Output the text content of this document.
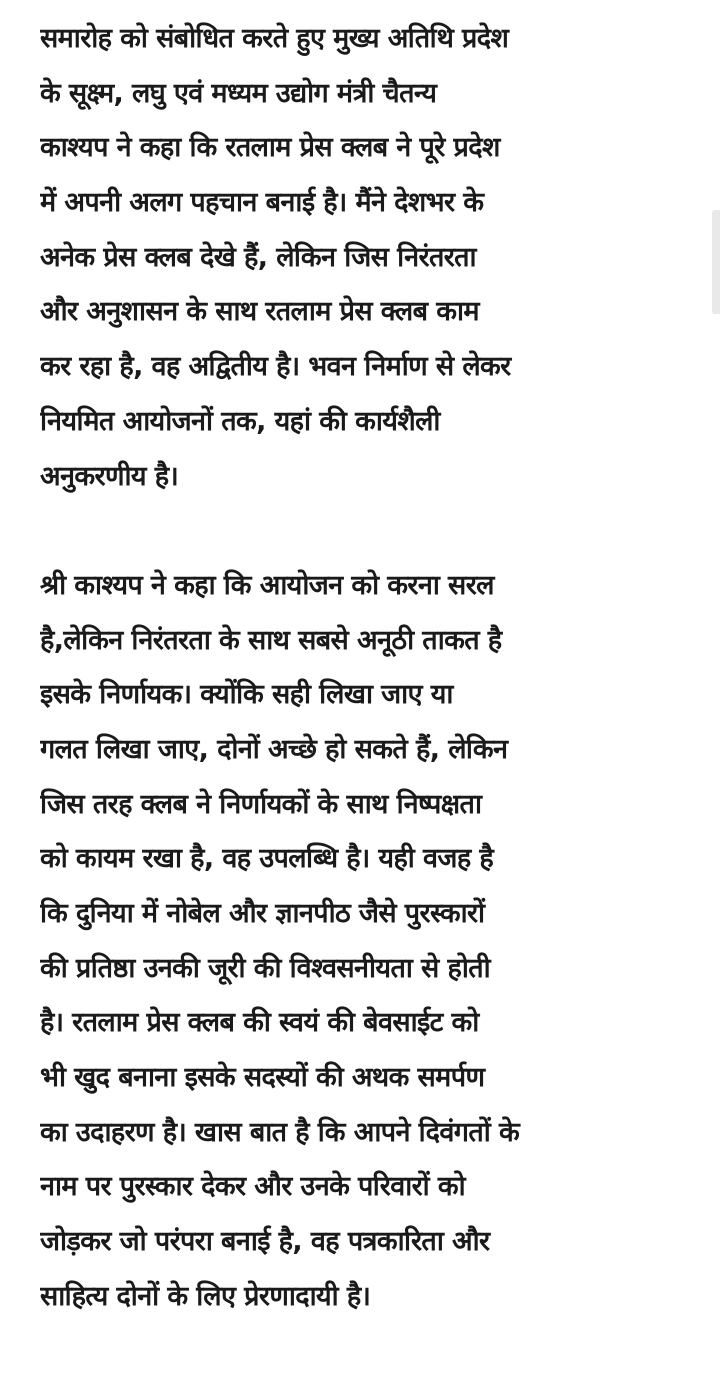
समारोह को संबोधित करते हुए मुख्य अतिथि प्रदेश
के सूक्ष्म, लघु एवं मध्यम उद्योग मंत्री चैतन्य
काश्यप ने कहा कि रतलाम प्रेस क्लब ने पूरे प्रदेश
में अपनी अलग पहचान बनाई है। मैंने देशभर के
अनेक प्रेस क्लब देखे हैं, लेकिन जिस निरंतरता
और अनुशासन के साथ रतलाम प्रेस क्लब काम
कर रहा है, वह अद्वितीय है। भवन निर्माण से लेकर
नियमित आयोजनों तक, यहां की कार्यशैली
अनुकरणीय है।
श्री काश्यप ने कहा कि आयोजन को करना सरल
है,लेकिन निरंतरता के साथ सबसे अनूठी ताकत है
इसके निर्णायक। क्योंकि सही लिखा जाए या
गलत लिखा जाए, दोनों अच्छे हो सकते हैं, लेकिन
जिस तरह क्लब ने निर्णायकों के साथ निष्पक्षता
को कायम रखा है, वह उपलब्धि है। यही वजह है
कि दुनिया में नोबेल और ज्ञानपीठ जैसे पुरस्कारों
की प्रतिष्ठा उनकी जूरी की विश्वसनीयता से होती
है। रतलाम प्रेस क्लब की स्वयं की बेवसाईट को
भी खुद बनाना इसके सदस्यों की अथक समर्पण
का उदाहरण है। खास बात है कि आपने दिवंगतों के
नाम पर पुरस्कार देकर और उनके परिवारों को
जोड़कर जो परंपरा बनाई है, वह पत्रकारिता और
साहित्य दोनों के लिए प्रेरणादायी है।
